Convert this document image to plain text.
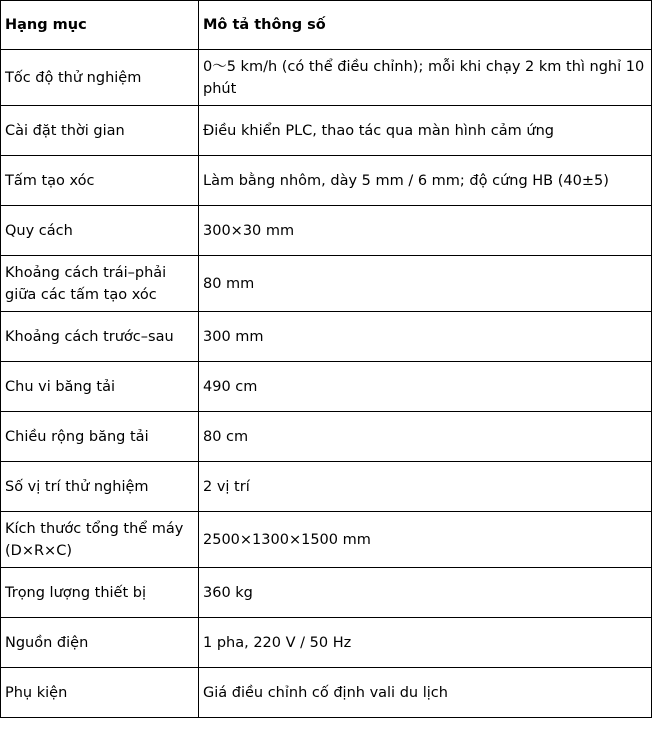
Hạng mục	Mô tả thông số
Tốc độ thử nghiệm	0～5 km/h (có thể điều chỉnh); mỗi khi chạy 2 km thì nghỉ 10 phút
Cài đặt thời gian	Điều khiển PLC, thao tác qua màn hình cảm ứng
Tấm tạo xóc	Làm bằng nhôm, dày 5 mm / 6 mm; độ cứng HB (40±5)
Quy cách	300×30 mm
Khoảng cách trái–phải giữa các tấm tạo xóc	80 mm
Khoảng cách trước–sau	300 mm
Chu vi băng tải	490 cm
Chiều rộng băng tải	80 cm
Số vị trí thử nghiệm	2 vị trí
Kích thước tổng thể máy (D×R×C)	2500×1300×1500 mm
Trọng lượng thiết bị	360 kg
Nguồn điện	1 pha, 220 V / 50 Hz
Phụ kiện	Giá điều chỉnh cố định vali du lịch
